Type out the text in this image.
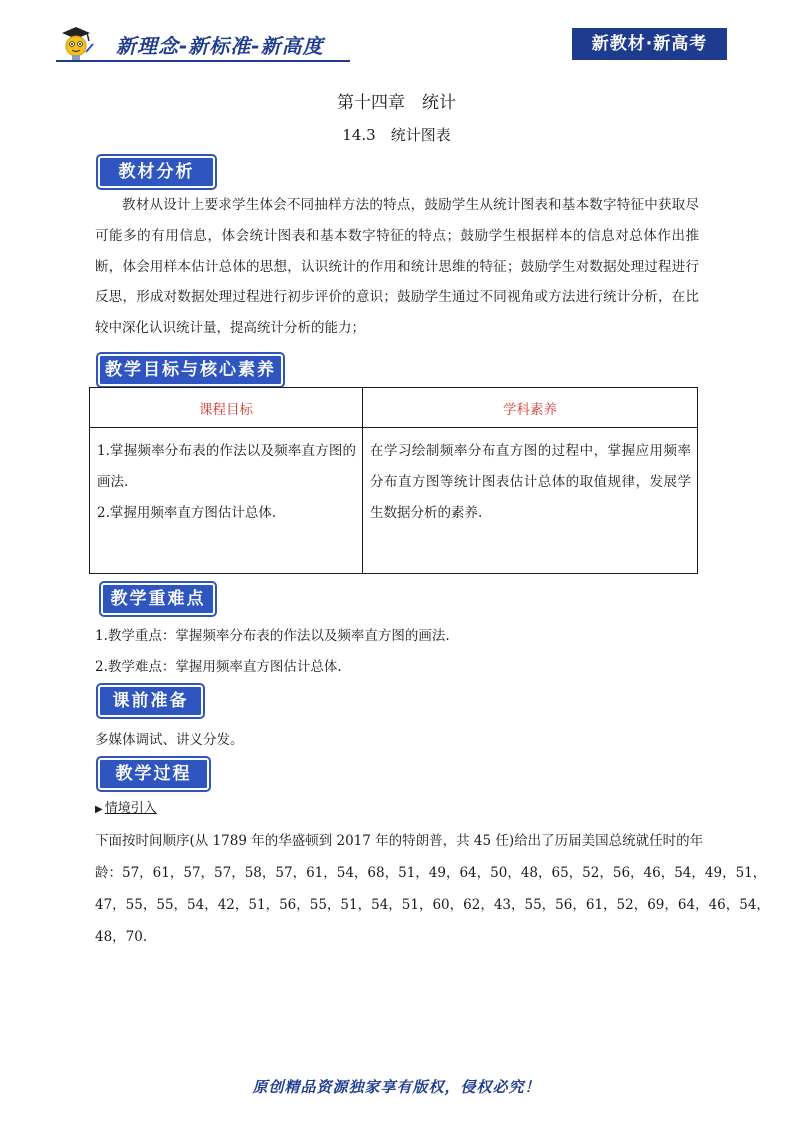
新理念-新标准-新高度	新教材·新高考
第十四章　统计
14.3　统计图表
教材分析
教材从设计上要求学生体会不同抽样方法的特点，鼓励学生从统计图表和基本数字特征中获取尽可能多的有用信息，体会统计图表和基本数字特征的特点；鼓励学生根据样本的信息对总体作出推断，体会用样本估计总体的思想，认识统计的作用和统计思维的特征；鼓励学生对数据处理过程进行反思，形成对数据处理过程进行初步评价的意识；鼓励学生通过不同视角或方法进行统计分析，在比较中深化认识统计量，提高统计分析的能力；
教学目标与核心素养
课程目标	学科素养

1.掌握频率分布表的作法以及频率直方图的画法.
2.掌握用频率直方图估计总体.	在学习绘制频率分布直方图的过程中，掌握应用频率分布直方图等统计图表估计总体的取值规律，发展学生数据分析的素养.
教学重难点
1.教学重点：掌握频率分布表的作法以及频率直方图的画法.
2.教学难点：掌握用频率直方图估计总体.
课前准备
多媒体调试、讲义分发。
教学过程
▶ 情境引入
下面按时间顺序(从 1789 年的华盛顿到 2017 年的特朗普，共 45 任)给出了历届美国总统就任时的年
龄：57，61，57，57，58，57，61，54，68，51，49，64，50，48，65，52，56，46，54，49，51，
47，55，55，54，42，51，56，55，51，54，51，60，62，43，55，56，61，52，69，64，46，54，
48，70.
原创精品资源独家享有版权，侵权必究！
